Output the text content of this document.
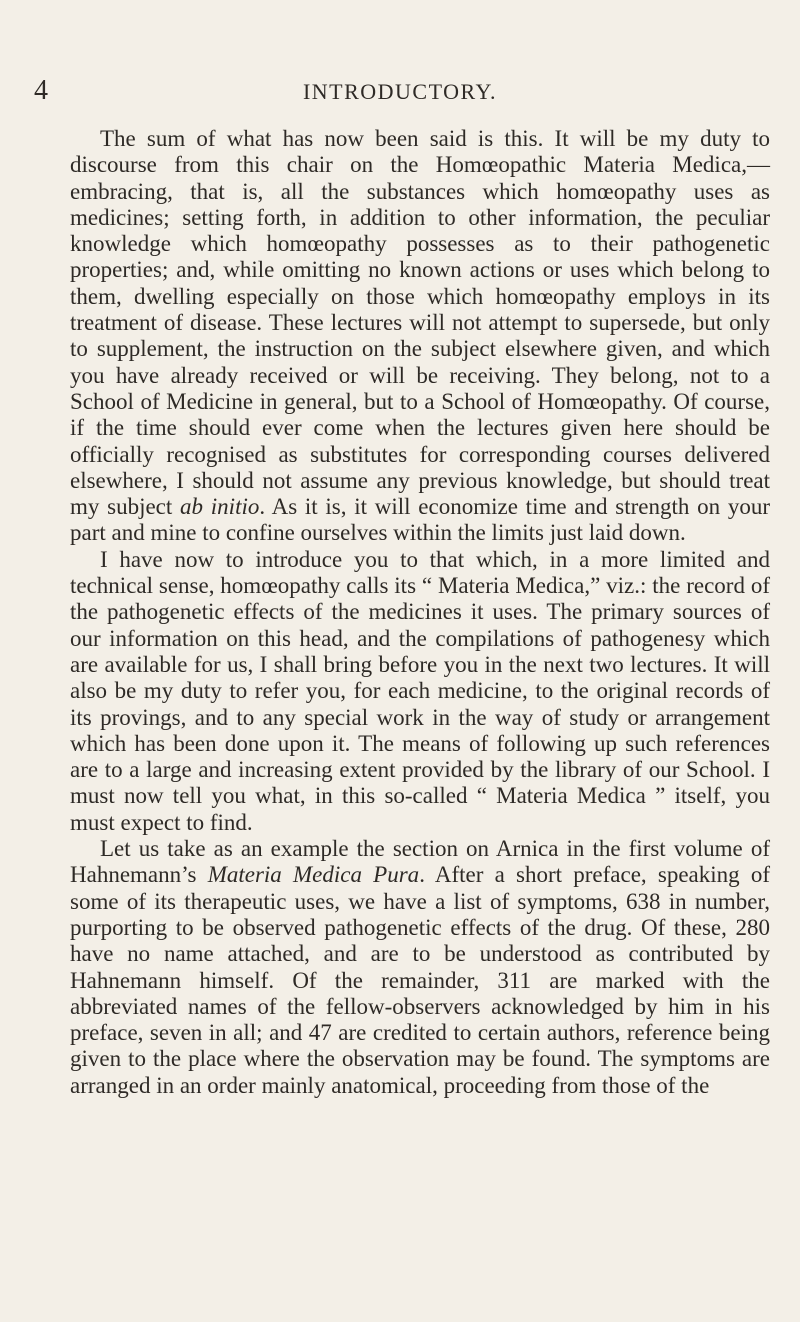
4	INTRODUCTORY.

The sum of what has now been said is this. It will be my duty to discourse from this chair on the Homœopathic Materia Medica,—embracing, that is, all the substances which homœopathy uses as medicines; setting forth, in addition to other information, the peculiar knowledge which homœopathy possesses as to their pathogenetic properties; and, while omitting no known actions or uses which belong to them, dwelling especially on those which homœopathy employs in its treatment of disease. These lectures will not attempt to supersede, but only to supplement, the instruction on the subject elsewhere given, and which you have already received or will be receiving. They belong, not to a School of Medicine in general, but to a School of Homœopathy. Of course, if the time should ever come when the lectures given here should be officially recognised as substitutes for corresponding courses delivered elsewhere, I should not assume any previous knowledge, but should treat my subject ab initio. As it is, it will economize time and strength on your part and mine to confine ourselves within the limits just laid down.

I have now to introduce you to that which, in a more limited and technical sense, homœopathy calls its “ Materia Medica,” viz.: the record of the pathogenetic effects of the medicines it uses. The primary sources of our information on this head, and the compilations of pathogenesy which are available for us, I shall bring before you in the next two lectures. It will also be my duty to refer you, for each medicine, to the original records of its provings, and to any special work in the way of study or arrangement which has been done upon it. The means of following up such references are to a large and increasing extent provided by the library of our School. I must now tell you what, in this so-called “ Materia Medica ” itself, you must expect to find.

Let us take as an example the section on Arnica in the first volume of Hahnemann’s Materia Medica Pura. After a short preface, speaking of some of its therapeutic uses, we have a list of symptoms, 638 in number, purporting to be observed pathogenetic effects of the drug. Of these, 280 have no name attached, and are to be understood as contributed by Hahnemann himself. Of the remainder, 311 are marked with the abbreviated names of the fellow-observers acknowledged by him in his preface, seven in all; and 47 are credited to certain authors, reference being given to the place where the observation may be found. The symptoms are arranged in an order mainly anatomical, proceeding from those of the
